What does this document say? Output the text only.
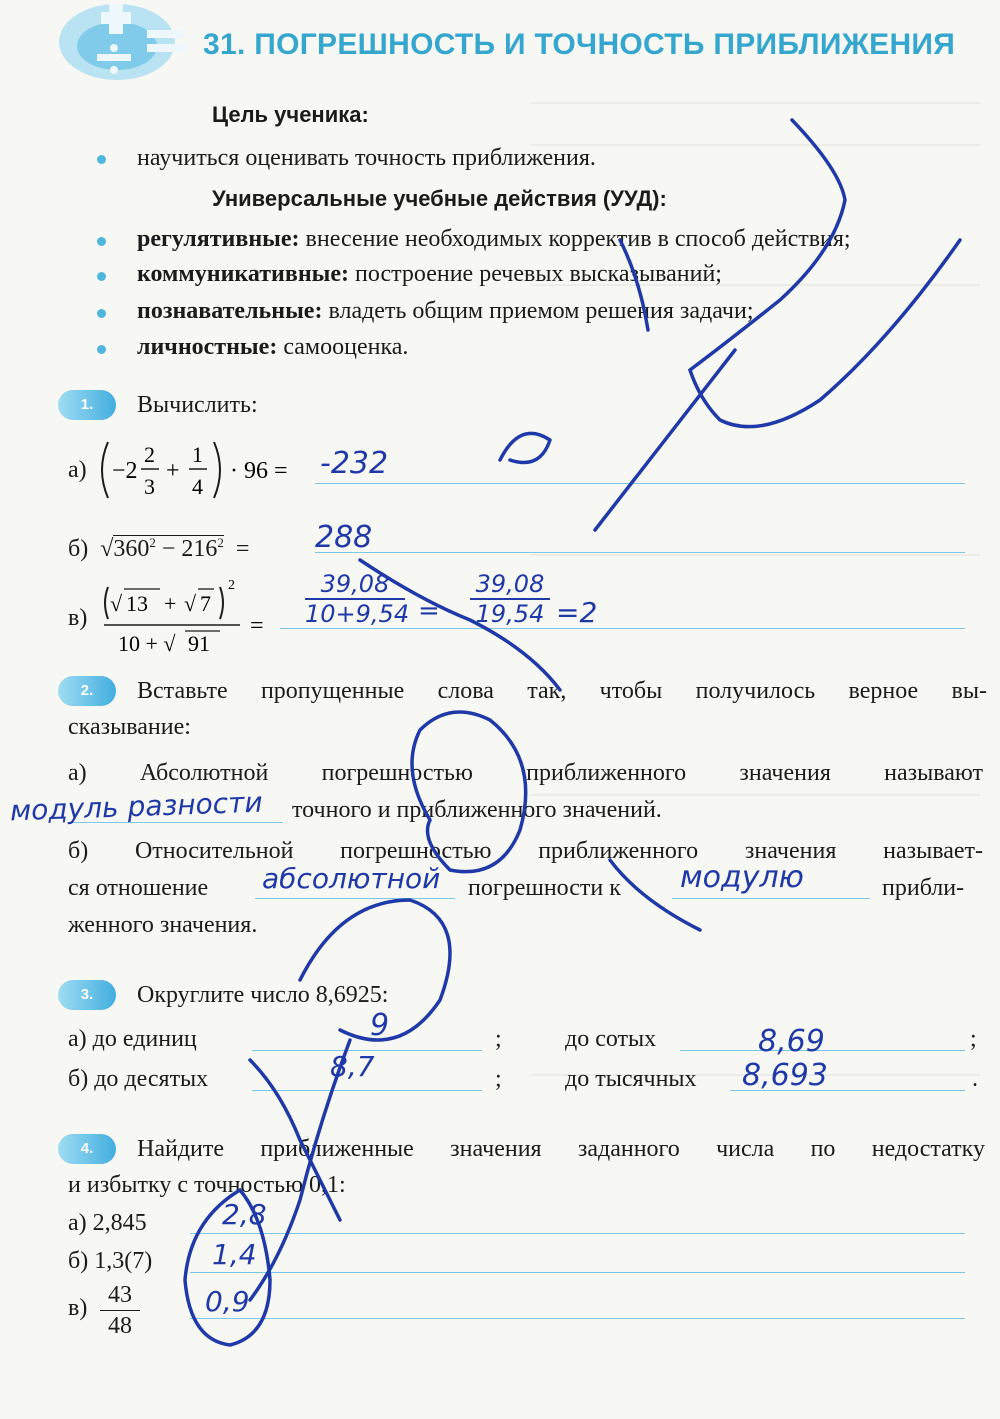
31. ПОГРЕШНОСТЬ И ТОЧНОСТЬ ПРИБЛИЖЕНИЯ
Цель ученика:
научиться оценивать точность приближения.
Универсальные учебные действия (УУД):
регулятивные: внесение необходимых корректив в способ действия;
коммуникативные: построение речевых высказываний;
познавательные: владеть общим приемом решения задачи;
личностные: самооценка.
1.	Вычислить:
а) −2
2
3
+
1
4
· 96 = -232
б) $√360^2 - 216^2 = 288$
в)
√ 13 + √ 7
2
10 + √ 91
= $\frac{39,08}{10+9,54} = \frac{39,08}{19,54} =2$
2.	Вставьте пропущенные слова так, чтобы получилось верное вы-
сказывание:
а) Абсолютной погрешностью приближенного значения называют
модуль разности точного и приближенного значений.
б) Относительной погрешностью приближенного значения называет-
ся отношение абсолютной погрешности к модулю	прибли-
женного значения.
3.	Округлите число 8,6925:
а) до единиц	9	;	до сотых	8,69	;
б) до десятых	8,7	;	до тысячных 8,693	.
4.	Найдите приближенные значения заданного числа по недостатку
и избытку с точностью 0,1:
а) 2,845	2,8
б) 1,3(7) 1,4
$в) \frac{43}{48} 0,9$
